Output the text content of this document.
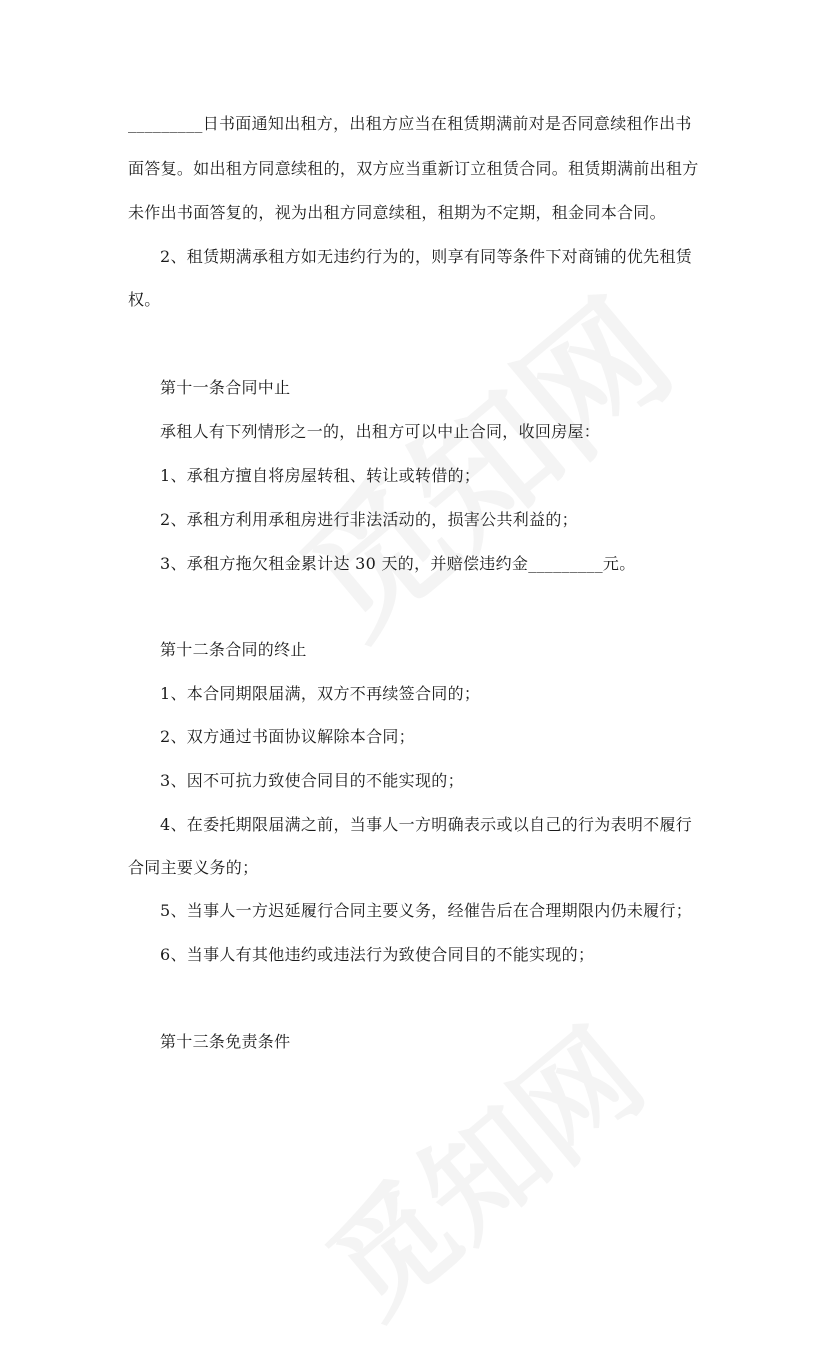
_________日书面通知出租方，出租方应当在租赁期满前对是否同意续租作出书
面答复。如出租方同意续租的，双方应当重新订立租赁合同。租赁期满前出租方
未作出书面答复的，视为出租方同意续租，租期为不定期，租金同本合同。
2、租赁期满承租方如无违约行为的，则享有同等条件下对商铺的优先租赁
权。
第十一条合同中止
承租人有下列情形之一的，出租方可以中止合同，收回房屋：
1、承租方擅自将房屋转租、转让或转借的；
2、承租方利用承租房进行非法活动的，损害公共利益的；
3、承租方拖欠租金累计达 30 天的，并赔偿违约金_________元。
第十二条合同的终止
1、本合同期限届满，双方不再续签合同的；
2、双方通过书面协议解除本合同；
3、因不可抗力致使合同目的不能实现的；
4、在委托期限届满之前，当事人一方明确表示或以自己的行为表明不履行
合同主要义务的；
5、当事人一方迟延履行合同主要义务，经催告后在合理期限内仍未履行；
6、当事人有其他违约或违法行为致使合同目的不能实现的；
第十三条免责条件
